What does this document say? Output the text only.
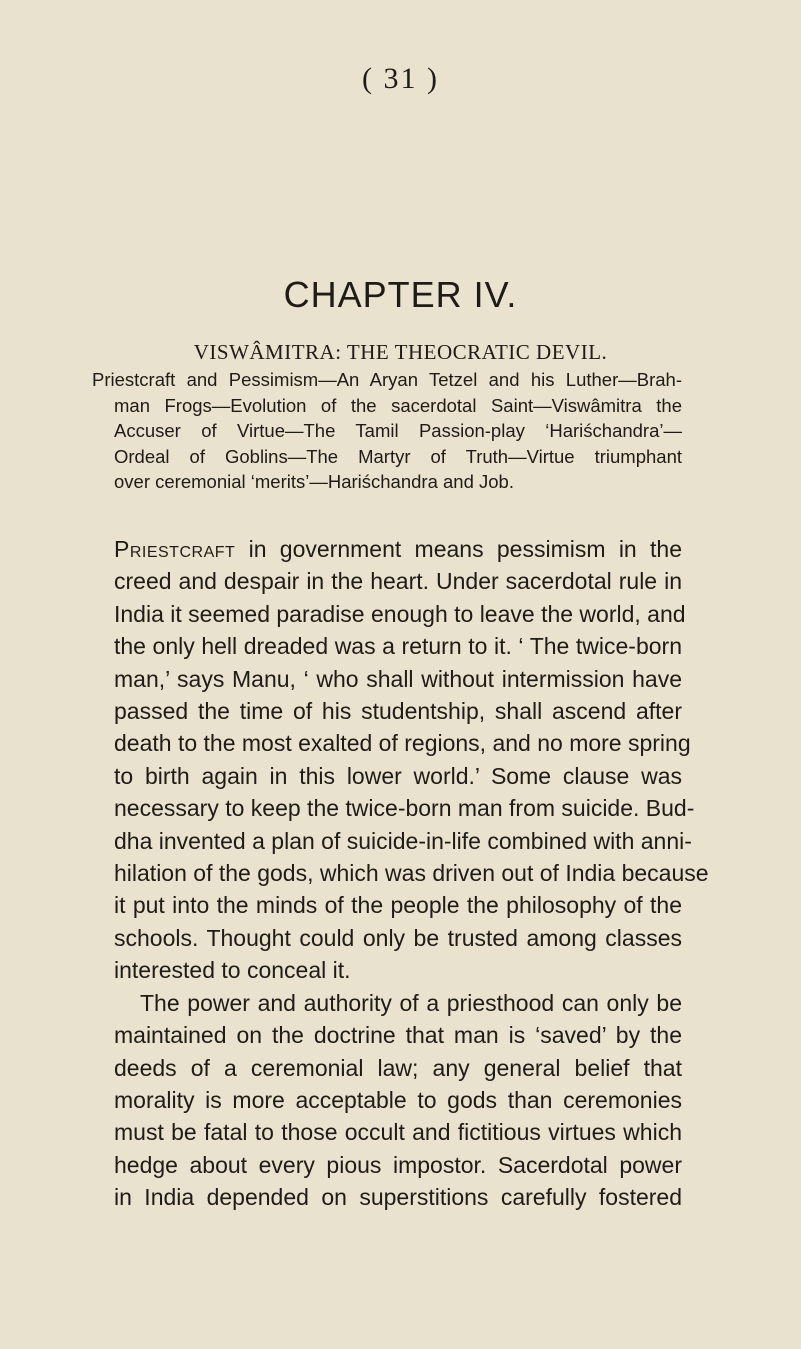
( 31 )
CHAPTER IV.
VISWÂMITRA: THE THEOCRATIC DEVIL.
Priestcraft and Pessimism—An Aryan Tetzel and his Luther—Brah-
man Frogs—Evolution of the sacerdotal Saint—Viswâmitra the
Accuser of Virtue—The Tamil Passion-play ‘Hariśchandra’—
Ordeal of Goblins—The Martyr of Truth—Virtue triumphant
over ceremonial ‘merits’—Hariśchandra and Job.
Priestcraft in government means pessimism in the
creed and despair in the heart. Under sacerdotal rule in
India it seemed paradise enough to leave the world, and
the only hell dreaded was a return to it. ‘ The twice-born
man,’ says Manu, ‘ who shall without intermission have
passed the time of his studentship, shall ascend after
death to the most exalted of regions, and no more spring
to birth again in this lower world.’ Some clause was
necessary to keep the twice-born man from suicide. Bud-
dha invented a plan of suicide-in-life combined with anni-
hilation of the gods, which was driven out of India because
it put into the minds of the people the philosophy of the
schools. Thought could only be trusted among classes
interested to conceal it.
The power and authority of a priesthood can only be
maintained on the doctrine that man is ‘saved’ by the
deeds of a ceremonial law; any general belief that
morality is more acceptable to gods than ceremonies
must be fatal to those occult and fictitious virtues which
hedge about every pious impostor. Sacerdotal power
in India depended on superstitions carefully fostered
